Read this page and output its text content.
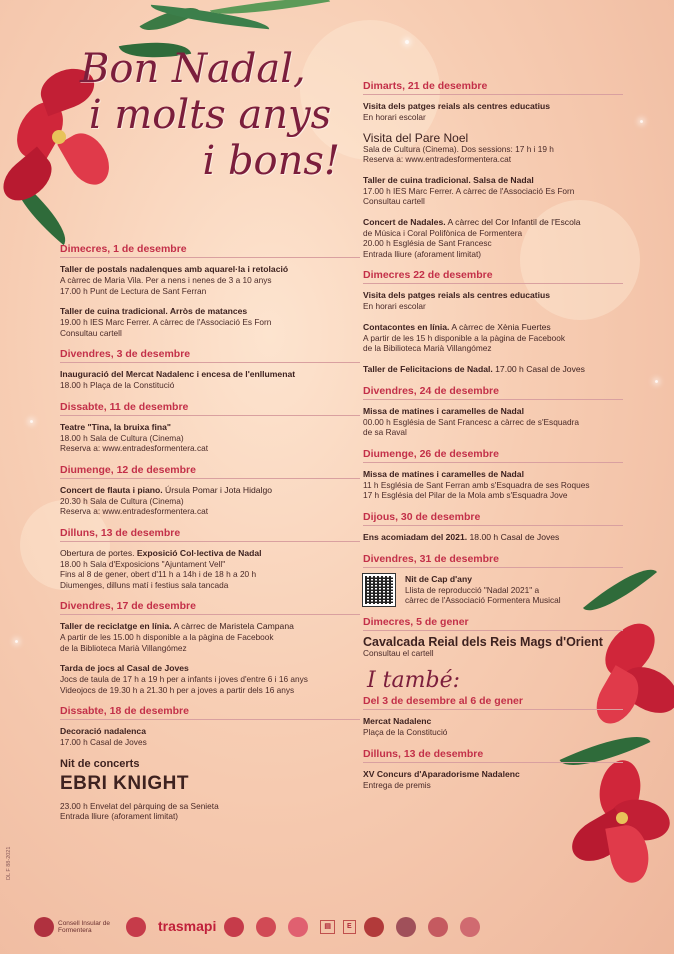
Bon Nadal,
i molts anys
i bons!
Dimecres, 1 de desembre
Taller de postals nadalenques amb aquarel·la i retolació
A càrrec de Maria Vila. Per a nens i nenes de 3 a 10 anys
17.00 h Punt de Lectura de Sant Ferran
Taller de cuina tradicional. Arròs de matances
19.00 h IES Marc Ferrer. A càrrec de l'Associació Es Forn
Consultau cartell
Divendres, 3 de desembre
Inauguració del Mercat Nadalenc i encesa de l'enllumenat
18.00 h Plaça de la Constitució
Dissabte, 11 de desembre
Teatre "Tina, la bruixa fina"
18.00 h Sala de Cultura (Cinema)
Reserva a: www.entradesformentera.cat
Diumenge, 12 de desembre
Concert de flauta i piano. Úrsula Pomar i Jota Hidalgo
20.30 h Sala de Cultura (Cinema)
Reserva a: www.entradesformentera.cat
Dilluns, 13 de desembre
Obertura de portes. Exposició Col·lectiva de Nadal
18.00 h Sala d'Exposicions "Ajuntament Vell"
Fins al 8 de gener, obert d'11 h a 14h i de 18 h a 20 h
Diumenges, dilluns matí i festius sala tancada
Divendres, 17 de desembre
Taller de reciclatge en línia. A càrrec de Maristela Campana
A partir de les 15.00 h disponible a la pàgina de Facebook
de la Biblioteca Marià Villangómez
Tarda de jocs al Casal de Joves
Jocs de taula de 17 h a 19 h per a infants i joves d'entre 6 i 16 anys
Videojocs de 19.30 h a 21.30 h per a joves a partir dels 16 anys
Dissabte, 18 de desembre
Decoració nadalenca
17.00 h Casal de Joves
Nit de concerts
EBRI KNIGHT
23.00 h Envelat del pàrquing de sa Senieta
Entrada lliure (aforament limitat)
Dimarts, 21 de desembre
Visita dels patges reials als centres educatius
En horari escolar
Visita del Pare Noel
Sala de Cultura (Cinema). Dos sessions: 17 h i 19 h
Reserva a: www.entradesformentera.cat
Taller de cuina tradicional. Salsa de Nadal
17.00 h IES Marc Ferrer. A càrrec de l'Associació Es Forn
Consultau cartell
Concert de Nadales. A càrrec del Cor Infantil de l'Escola
de Música i Coral Polifònica de Formentera
20.00 h Església de Sant Francesc
Entrada lliure (aforament limitat)
Dimecres 22 de desembre
Visita dels patges reials als centres educatius
En horari escolar
Contacontes en línia. A càrrec de Xènia Fuertes
A partir de les 15 h disponible a la pàgina de Facebook
de la Bibilioteca Marià Villangómez
Taller de Felicitacions de Nadal. 17.00 h Casal de Joves
Divendres, 24 de desembre
Missa de matines i caramelles de Nadal
00.00 h Església de Sant Francesc a càrrec de s'Esquadra
de sa Raval
Diumenge, 26 de desembre
Missa de matines i caramelles de Nadal
11 h Església de Sant Ferran amb s'Esquadra de ses Roques
17 h Església del Pilar de la Mola amb s'Esquadra Jove
Dijous, 30 de desembre
Ens acomiadam del 2021. 18.00 h Casal de Joves
Divendres, 31 de desembre
Nit de Cap d'any
Llista de reproducció "Nadal 2021" a
càrrec de l'Associació Formentera Musical
Dimecres, 5 de gener
Cavalcada Reial dels Reis Mags d'Orient
Consultau el cartell
I també:
Del 3 de desembre al 6 de gener
Mercat Nadalenc
Plaça de la Constitució
Dilluns, 13 de desembre
XV Concurs d'Aparadorisme Nadalenc
Entrega de premis
DL F 88-2021
Consell Insular de Formentera	trasmapi	▤	E
